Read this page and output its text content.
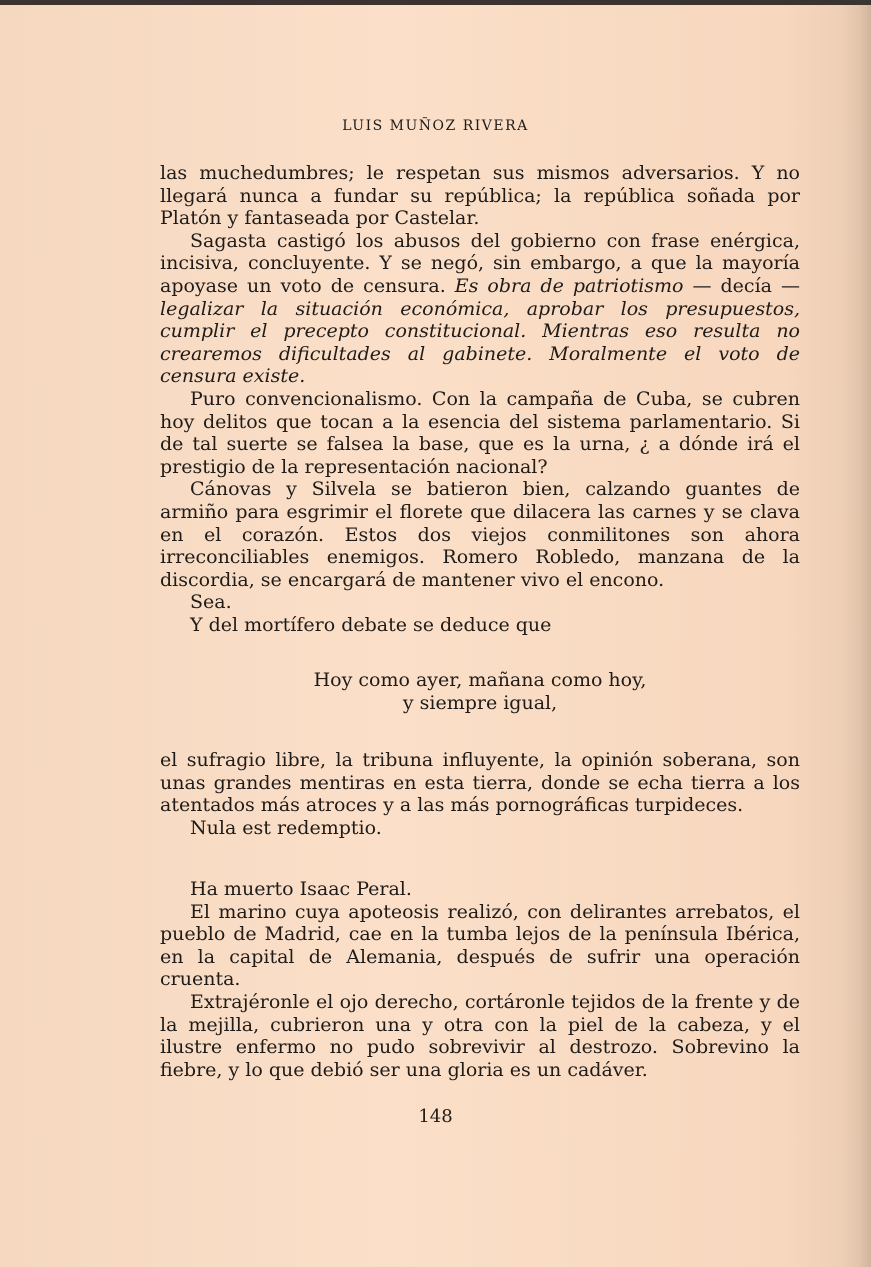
LUIS MUÑOZ RIVERA

las muchedumbres; le respetan sus mismos adversarios. Y no llegará nunca a fundar su república; la república soñada por Platón y fantaseada por Castelar.

Sagasta castigó los abusos del gobierno con frase enérgica, incisiva, concluyente. Y se negó, sin embargo, a que la mayoría apoyase un voto de censura. Es obra de patriotismo — decía — legalizar la situación económica, aprobar los presupuestos, cumplir el precepto constitucional. Mientras eso resulta no crearemos dificultades al gabinete. Moralmente el voto de censura existe.

Puro convencionalismo. Con la campaña de Cuba, se cubren hoy delitos que tocan a la esencia del sistema parlamentario. Si de tal suerte se falsea la base, que es la urna, ¿ a dónde irá el prestigio de la representación nacional?

Cánovas y Silvela se batieron bien, calzando guantes de armiño para esgrimir el florete que dilacera las carnes y se clava en el corazón. Estos dos viejos conmilitones son ahora irreconciliables enemigos. Romero Robledo, manzana de la discordia, se encargará de mantener vivo el encono.

Sea.

Y del mortífero debate se deduce que

Hoy como ayer, mañana como hoy,
y siempre igual,

el sufragio libre, la tribuna influyente, la opinión soberana, son unas grandes mentiras en esta tierra, donde se echa tierra a los atentados más atroces y a las más pornográficas turpideces.

Nula est redemptio.

Ha muerto Isaac Peral.

El marino cuya apoteosis realizó, con delirantes arrebatos, el pueblo de Madrid, cae en la tumba lejos de la península Ibérica, en la capital de Alemania, después de sufrir una operación cruenta.

Extrajéronle el ojo derecho, cortáronle tejidos de la frente y de la mejilla, cubrieron una y otra con la piel de la cabeza, y el ilustre enfermo no pudo sobrevivir al destrozo. Sobrevino la fiebre, y lo que debió ser una gloria es un cadáver.

148
